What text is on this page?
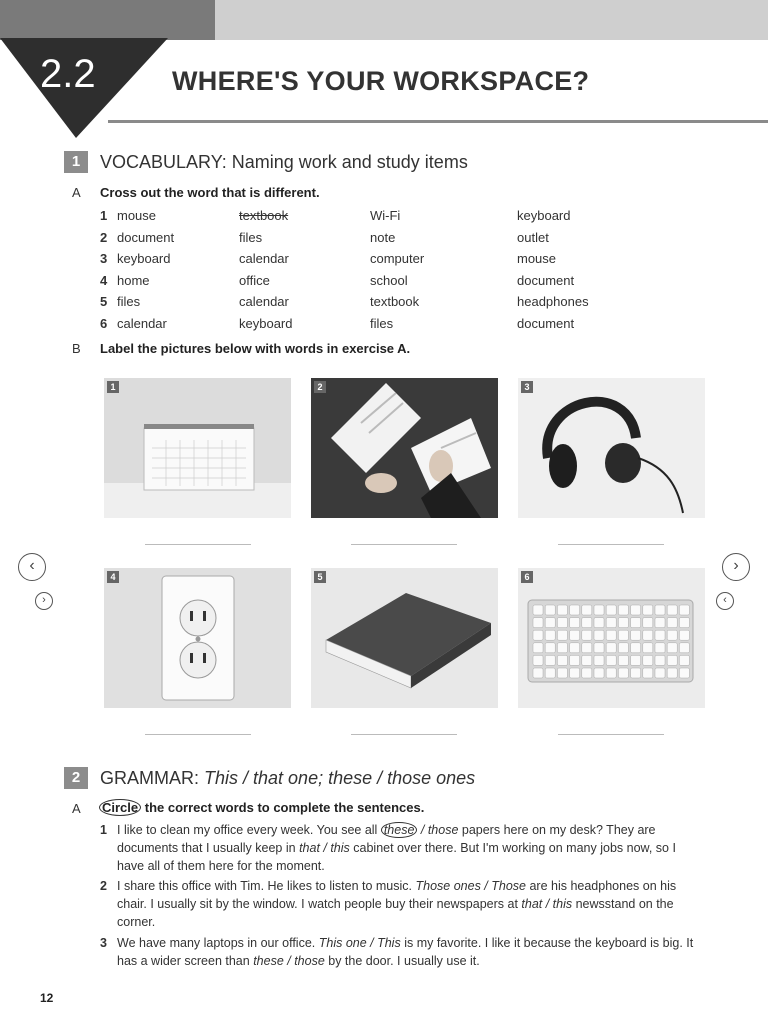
2.2	WHERE'S YOUR WORKSPACE?
1	VOCABULARY: Naming work and study items
A Cross out the word that is different.
1 mouse	textbook	Wi-Fi	keyboard
2 document	files	note	outlet
3 keyboard	calendar	computer	mouse
4 home	office	school	document
5 files	calendar	textbook	headphones
6 calendar	keyboard	files	document
B Label the pictures below with words in exercise A.
1	2	3
4	5	6
‹
›
›
‹
2	GRAMMAR: This / that one; these / those ones
A Circle the correct words to complete the sentences.
1 I like to clean my office every week. You see all these / those papers here on my desk? They are documents that I usually keep in that / this cabinet over there. But I'm working on many jobs now, so I have all of them here for the moment.
2 I share this office with Tim. He likes to listen to music. Those ones / Those are his headphones on his chair. I usually sit by the window. I watch people buy their newspapers at that / this newsstand on the corner.
3 We have many laptops in our office. This one / This is my favorite. I like it because the keyboard is big. It has a wider screen than these / those by the door. I usually use it.
12
